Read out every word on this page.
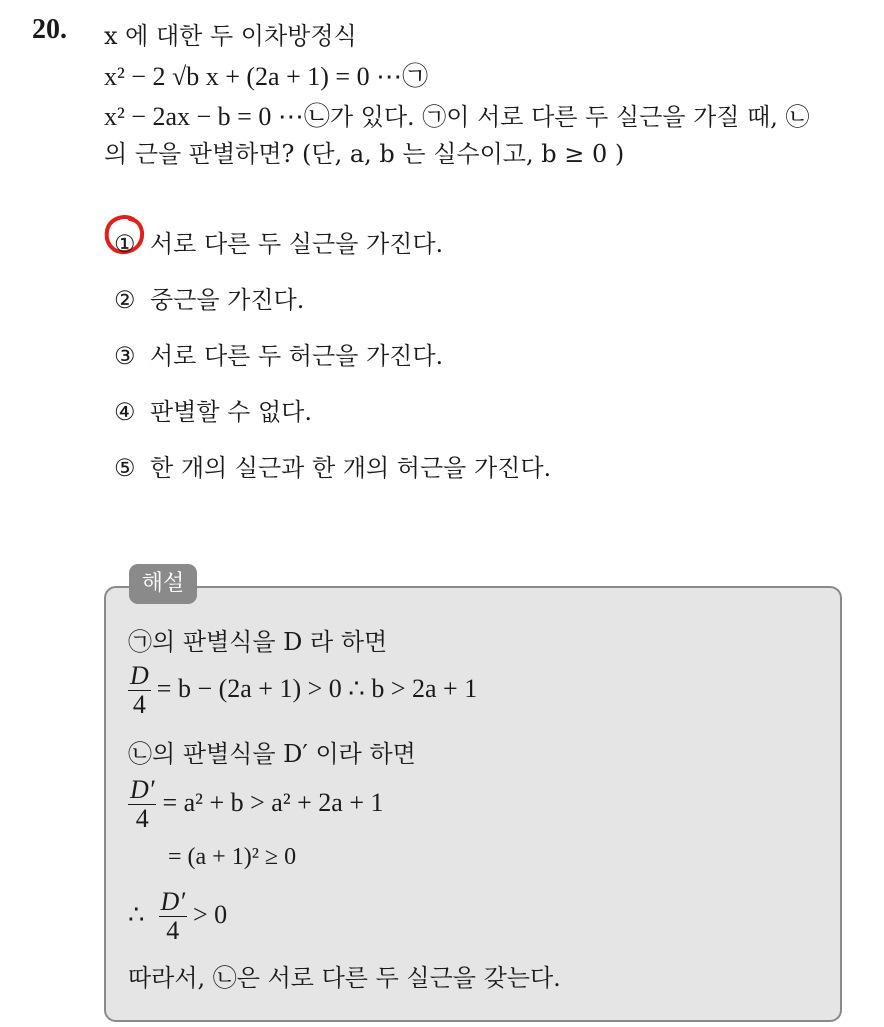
20. x 에 대한 두 이차방정식
x² − 2 √b x + (2a + 1) = 0 ⋯㉠
x² − 2ax − b = 0 ⋯㉡가 있다. ㉠이 서로 다른 두 실근을 가질 때, ㉡
의 근을 판별하면? (단, a, b 는 실수이고, b ≥ 0 )
① 서로 다른 두 실근을 가진다.
② 중근을 가진다.
③ 서로 다른 두 허근을 가진다.
④ 판별할 수 없다.
⑤ 한 개의 실근과 한 개의 허근을 가진다.
해설
㉠의 판별식을 D 라 하면
$\frac{D}{4} = b - (2a + 1) > 0$ ∴ b > 2a + 1
㉡의 판별식을 D′ 이라 하면
$\frac{D'}{4} = a^2 + b > a^2 + 2a + 1$
= (a + 1)² ≥ 0
∴ $\frac{D'}{4} > 0$
따라서, ㉡은 서로 다른 두 실근을 갖는다.
